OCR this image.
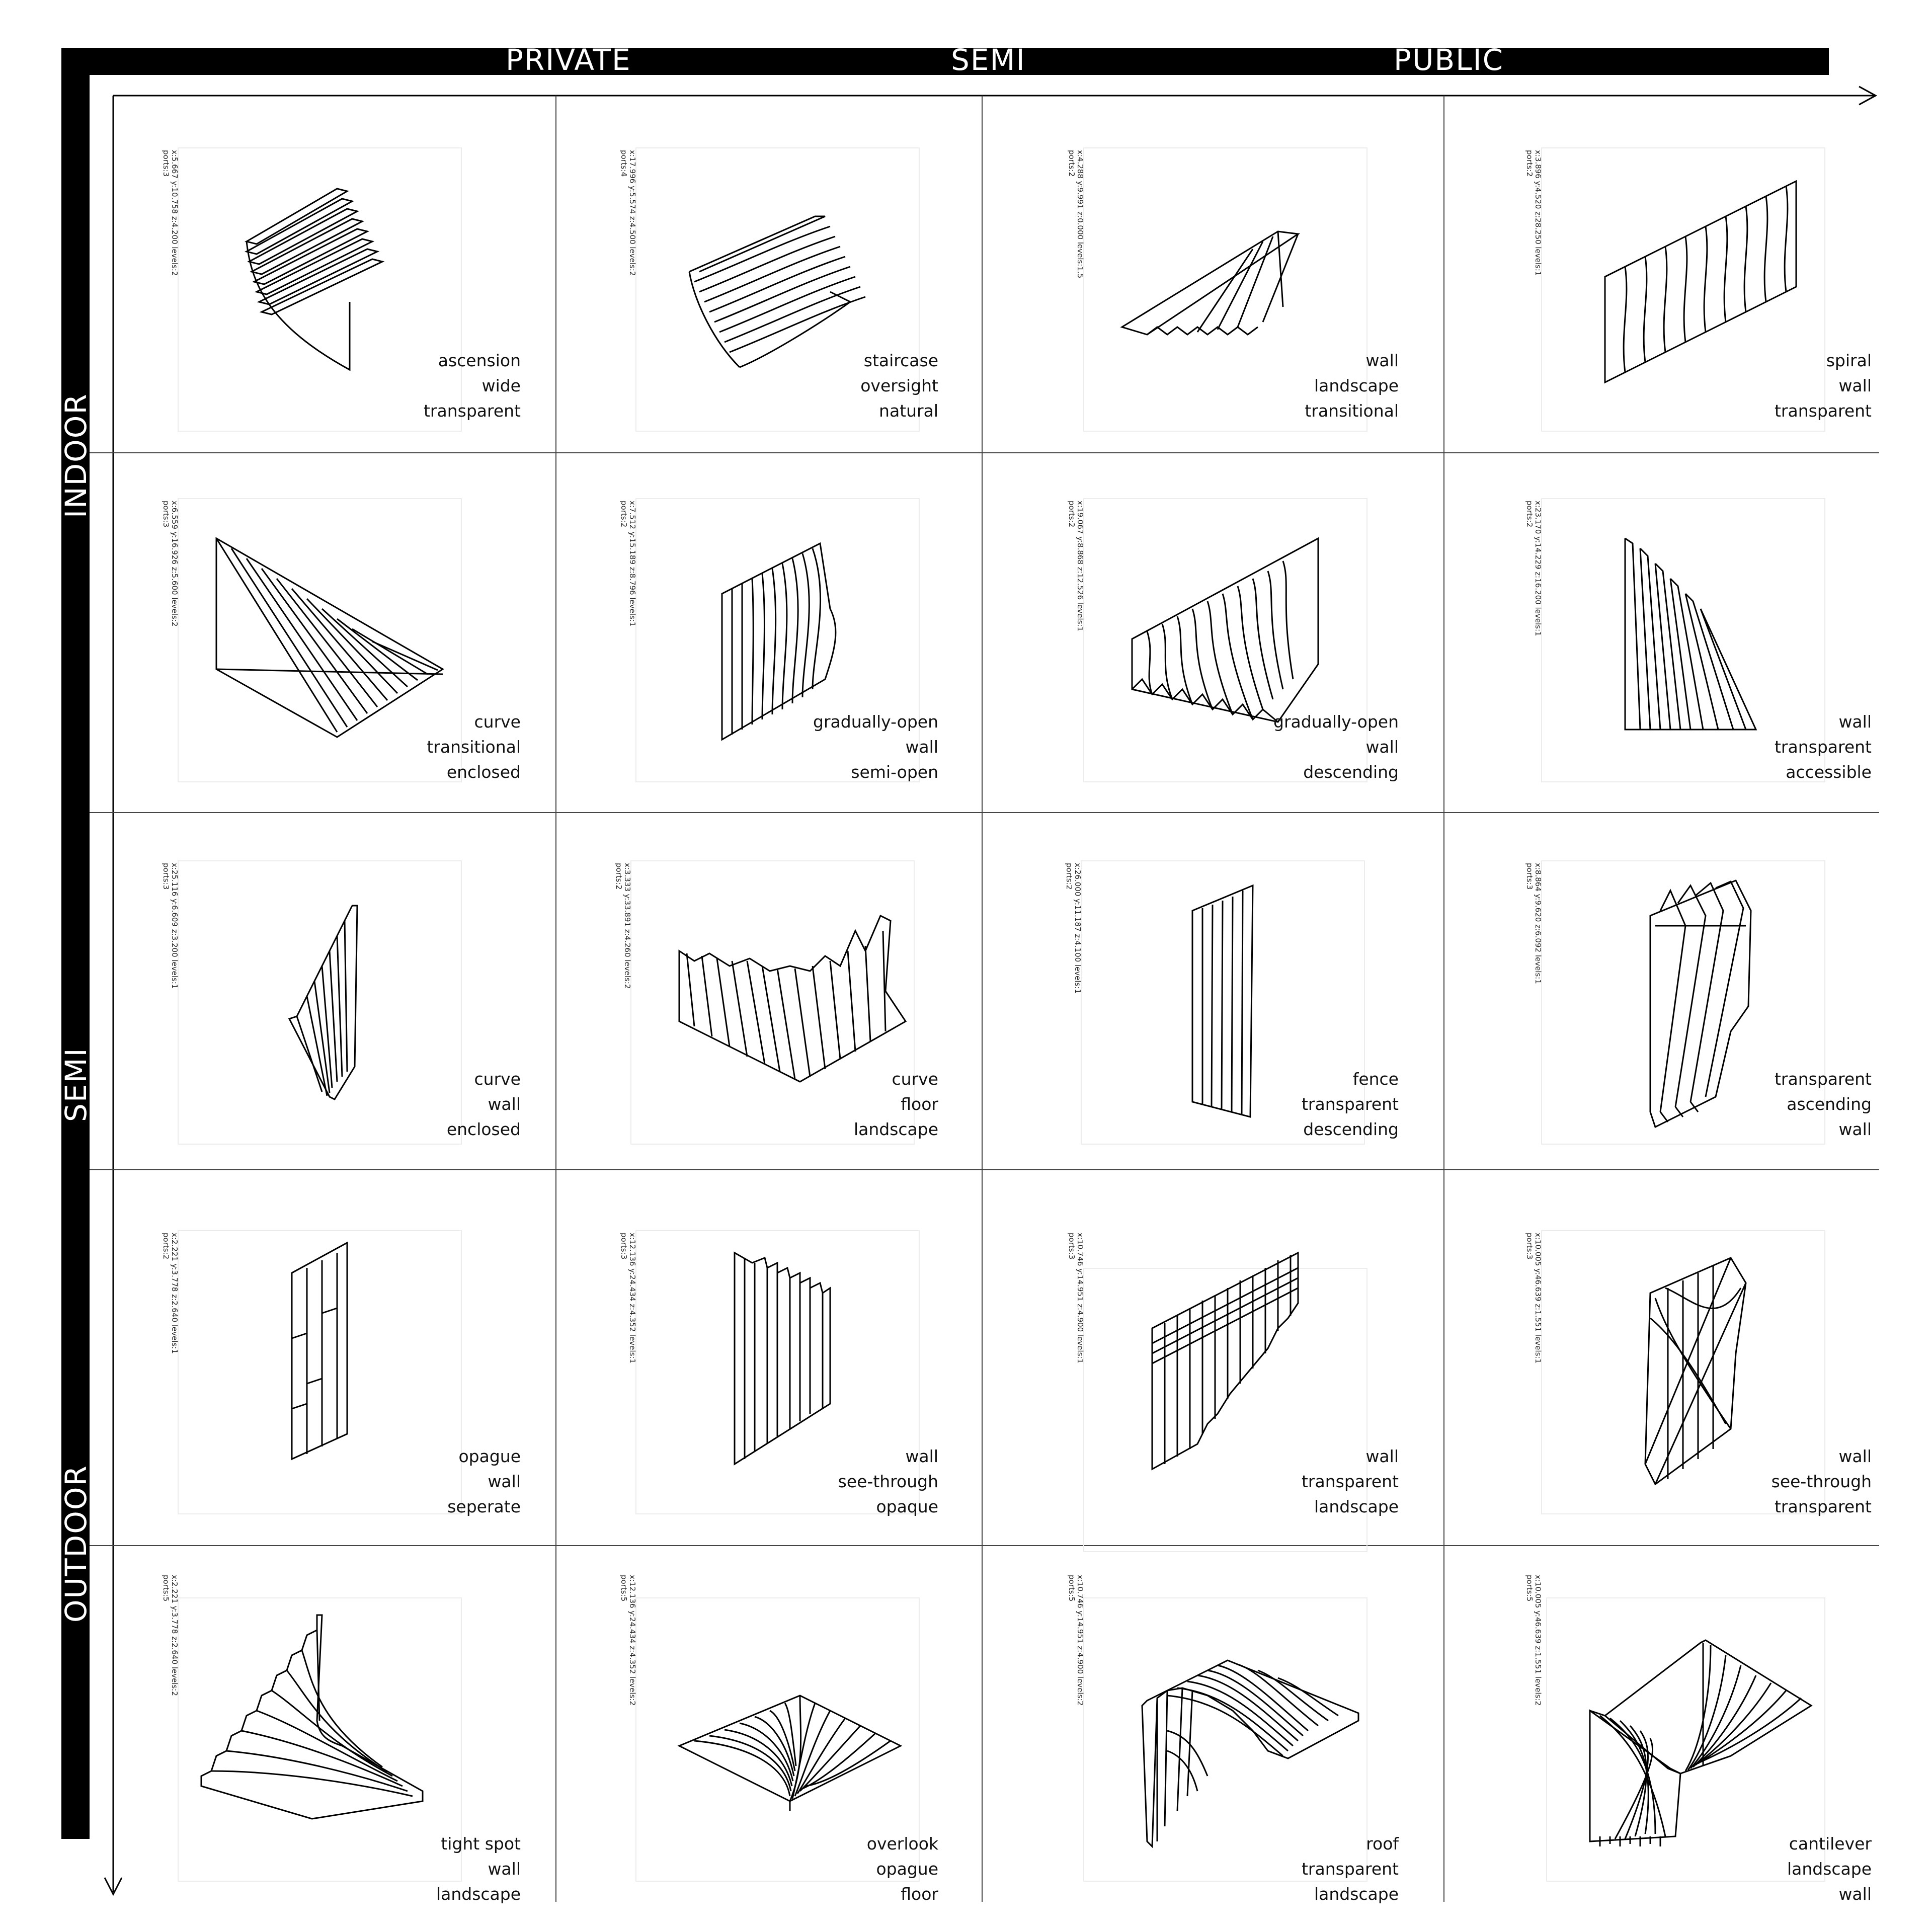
PRIVATE	SEMI	PUBLIC
INDOOR
SEMI
OUTDOOR
x:5.667 y:10.758 z:4.200 levels:2
ports:3
ascension
wide
transparent
x:17.996 y:5.574 z:4.500 levels:2
ports:4
staircase
oversight
natural
x:4.288 y:9.991 z:0.000 levels:1.5
ports:2
wall
landscape
transitional
x:3.896 y:4.520 z:28.250 levels:1
ports:2
spiral
wall
transparent
x:6.559 y:16.926 z:5.600 levels:2
ports:3
curve
transitional
enclosed
x:7.512 y:15.189 z:8.796 levels:1
ports:2
gradually-open
wall
semi-open
x:19.067 y:8.868 z:12.526 levels:1
ports:2
gradually-open
wall
descending
x:23.170 y:14.229 z:16.200 levels:1
ports:2
wall
transparent
accessible
x:25.116 y:6.609 z:3.200 levels:1
ports:3
curve
wall
enclosed
x:3.333 y:33.891 z:4.260 levels:2
ports:2
curve
floor
landscape
x:26.000 y:11.187 z:4.100 levels:1
ports:2
fence
transparent
descending
x:8.864 y:9.620 z:6.092 levels:1
ports:3
transparent
ascending
wall
x:2.221 y:3.778 z:2.640 levels:1
ports:2
opague
wall
seperate
x:12.136 y:24.434 z:4.352 levels:1
ports:3
wall
see-through
opaque
x:10.746 y:14.951 z:4.900 levels:1
ports:3
wall
transparent
landscape
x:10.005 y:46.639 z:1.551 levels:1
ports:3
wall
see-through
transparent
x:2.221 y:3.778 z:2.640 levels:2
ports:5
tight spot
wall
landscape
x:12.136 y:24.434 z:4.352 levels:2
ports:5
overlook
opague
floor
x:10.746 y:14.951 z:4.900 levels:2
ports:5
roof
transparent
landscape
x:10.005 y:46.639 z:1.551 levels:2
ports:5
cantilever
landscape
wall
